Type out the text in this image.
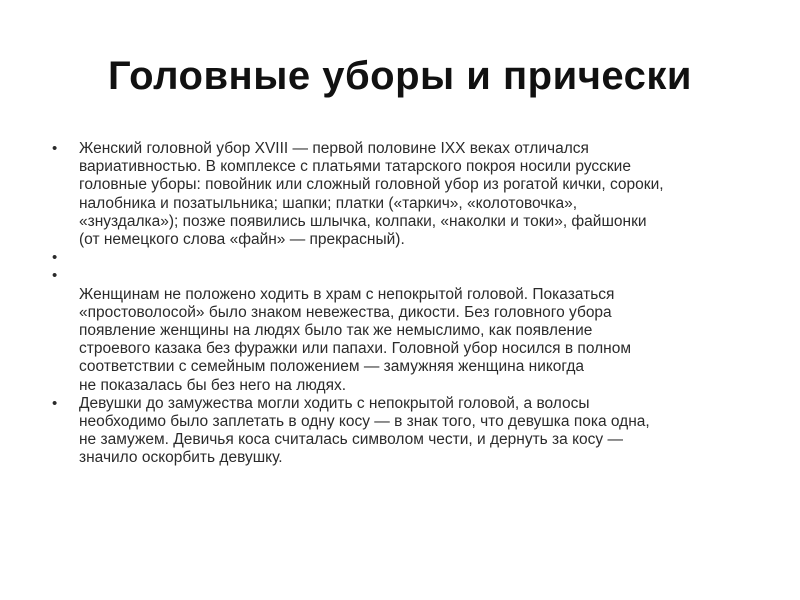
Головные уборы и прически
•	Женский головной убор XVIII — первой половине IXX веках отличался
вариативностью. В комплексе с платьями татарского покроя носили русские
головные уборы: повойник или сложный головной убор из рогатой кички, сороки,
налобника и позатыльника; шапки; платки («таркич», «колотовочка»,
«знуздалка»); позже появились шлычка, колпаки, «наколки и токи», файшонки
(от немецкого слова «файн» — прекрасный).
•
•
Женщинам не положено ходить в храм с непокрытой головой. Показаться
«простоволосой» было знаком невежества, дикости. Без головного убора
появление женщины на людях было так же немыслимо, как появление
строевого казака без фуражки или папахи. Головной убор носился в полном
соответствии с семейным положением — замужняя женщина никогда
не показалась бы без него на людях.
•	Девушки до замужества могли ходить с непокрытой головой, а волосы
необходимо было заплетать в одну косу — в знак того, что девушка пока одна,
не замужем. Девичья коса считалась символом чести, и дернуть за косу —
значило оскорбить девушку.
